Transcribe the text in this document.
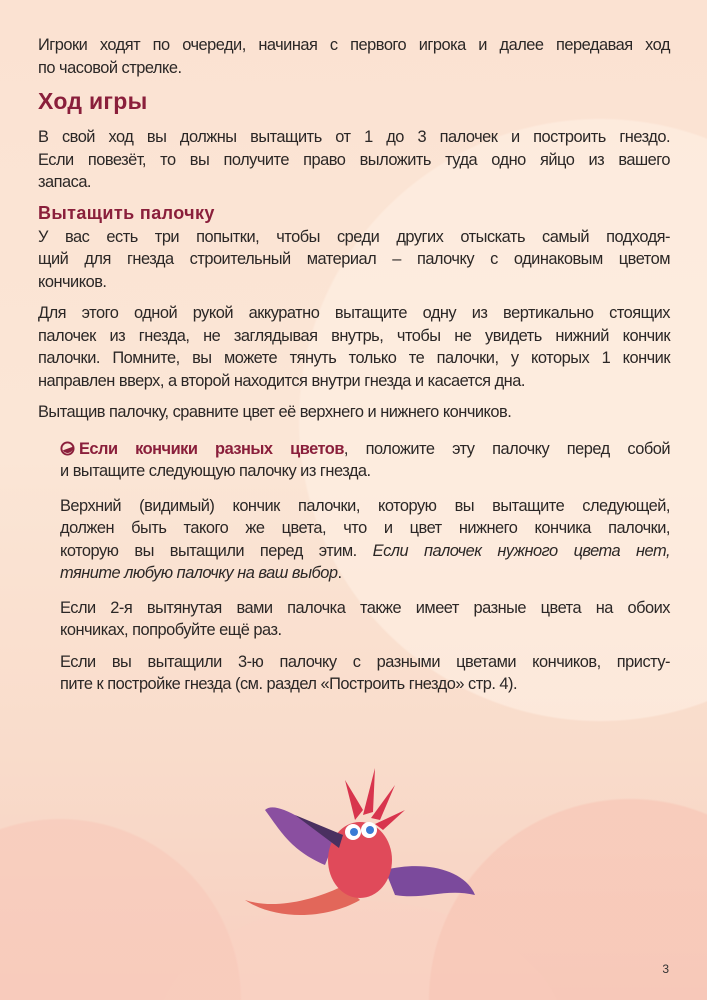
Игроки ходят по очереди, начиная с первого игрока и далее передавая ход
по часовой стрелке.

Ход игры

В свой ход вы должны вытащить от 1 до 3 палочек и построить гнездо.
Если повезёт, то вы получите право выложить туда одно яйцо из вашего
запаса.

Вытащить палочку

У вас есть три попытки, чтобы среди других отыскать самый подходя-
щий для гнезда строительный материал – палочку с одинаковым цветом
кончиков.

Для этого одной рукой аккуратно вытащите одну из вертикально стоящих
палочек из гнезда, не заглядывая внутрь, чтобы не увидеть нижний кончик
палочки. Помните, вы можете тянуть только те палочки, у которых 1 кончик
направлен вверх, а второй находится внутри гнезда и касается дна.

Вытащив палочку, сравните цвет её верхнего и нижнего кончиков.

Если кончики разных цветов, положите эту палочку перед собой
и вытащите следующую палочку из гнезда.

Верхний (видимый) кончик палочки, которую вы вытащите следующей,
должен быть такого же цвета, что и цвет нижнего кончика палочки,
которую вы вытащили перед этим. Если палочек нужного цвета нет,
тяните любую палочку на ваш выбор.

Если 2-я вытянутая вами палочка также имеет разные цвета на обоих
кончиках, попробуйте ещё раз.

Если вы вытащили 3-ю палочку с разными цветами кончиков, присту-
пите к постройке гнезда (см. раздел «Построить гнездо» стр. 4).

3
